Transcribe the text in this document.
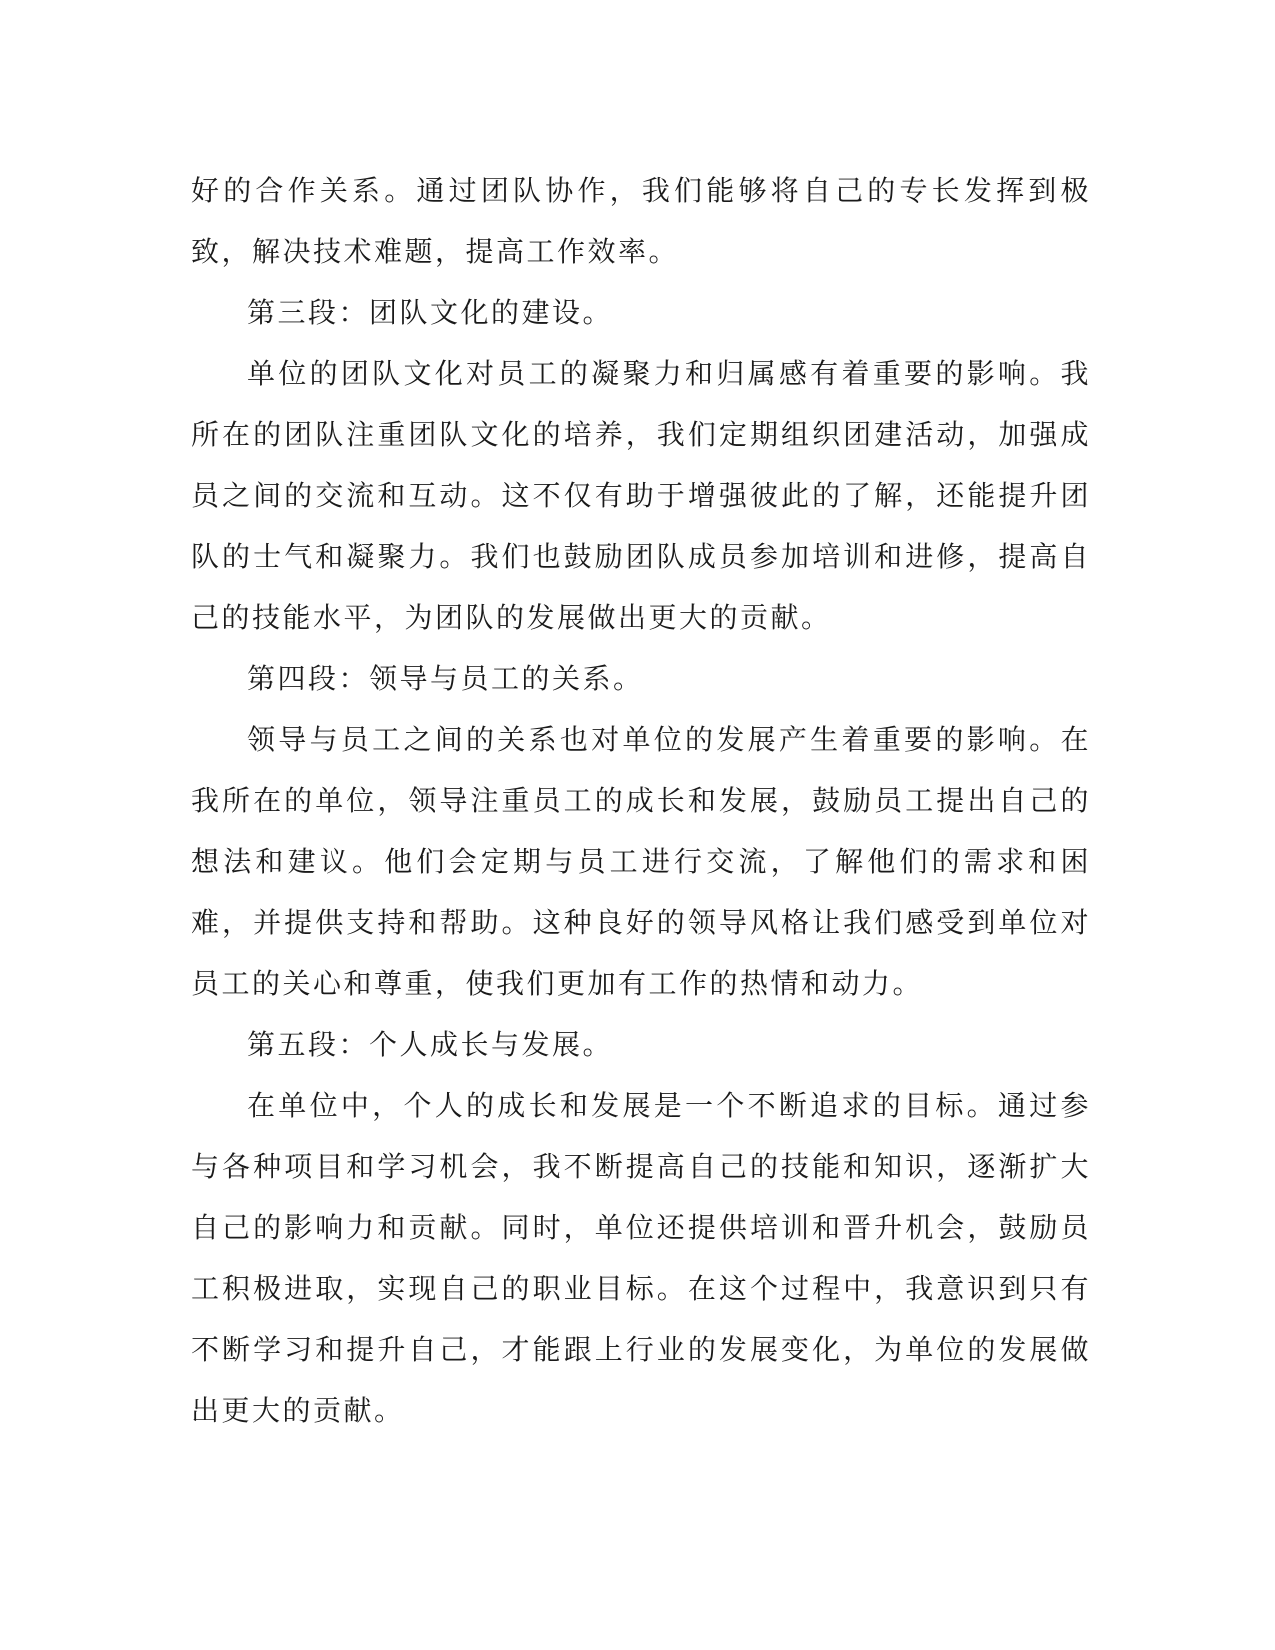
好的合作关系。通过团队协作，我们能够将自己的专长发挥到极致，解决技术难题，提高工作效率。

第三段：团队文化的建设。

单位的团队文化对员工的凝聚力和归属感有着重要的影响。我所在的团队注重团队文化的培养，我们定期组织团建活动，加强成员之间的交流和互动。这不仅有助于增强彼此的了解，还能提升团队的士气和凝聚力。我们也鼓励团队成员参加培训和进修，提高自己的技能水平，为团队的发展做出更大的贡献。

第四段：领导与员工的关系。

领导与员工之间的关系也对单位的发展产生着重要的影响。在我所在的单位，领导注重员工的成长和发展，鼓励员工提出自己的想法和建议。他们会定期与员工进行交流，了解他们的需求和困难，并提供支持和帮助。这种良好的领导风格让我们感受到单位对员工的关心和尊重，使我们更加有工作的热情和动力。

第五段：个人成长与发展。

在单位中，个人的成长和发展是一个不断追求的目标。通过参与各种项目和学习机会，我不断提高自己的技能和知识，逐渐扩大自己的影响力和贡献。同时，单位还提供培训和晋升机会，鼓励员工积极进取，实现自己的职业目标。在这个过程中，我意识到只有不断学习和提升自己，才能跟上行业的发展变化，为单位的发展做出更大的贡献。
